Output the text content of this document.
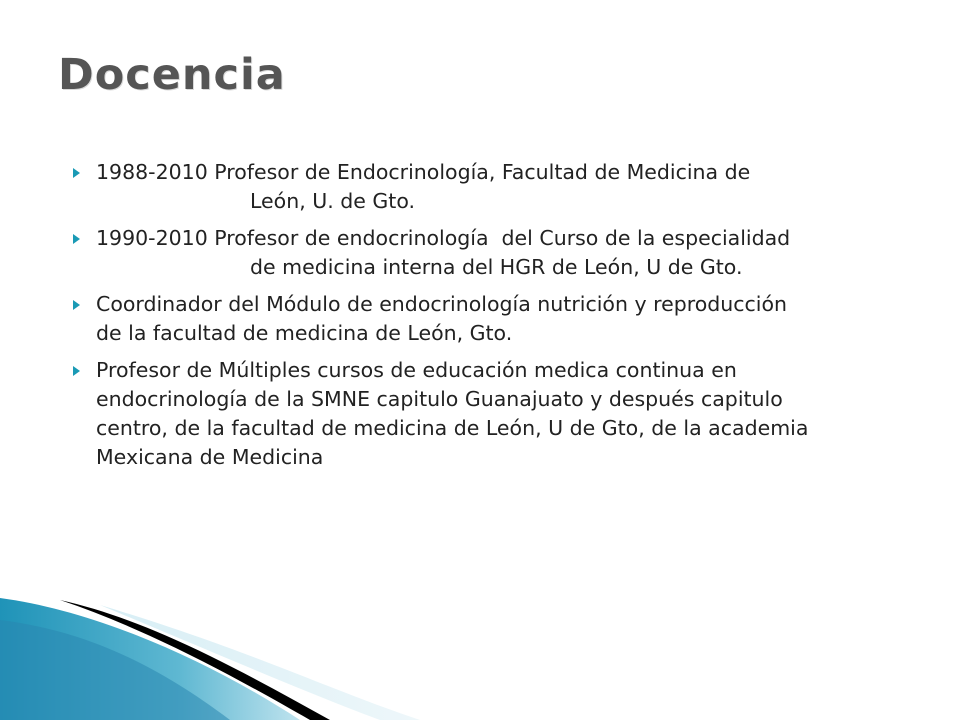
Docencia
1988-2010 Profesor de Endocrinología, Facultad de Medicina de
León, U. de Gto.
1990-2010 Profesor de endocrinología  del Curso de la especialidad
de medicina interna del HGR de León, U de Gto.
Coordinador del Módulo de endocrinología nutrición y reproducción
de la facultad de medicina de León, Gto.
Profesor de Múltiples cursos de educación medica continua en
endocrinología de la SMNE capitulo Guanajuato y después capitulo
centro, de la facultad de medicina de León, U de Gto, de la academia
Mexicana de Medicina
